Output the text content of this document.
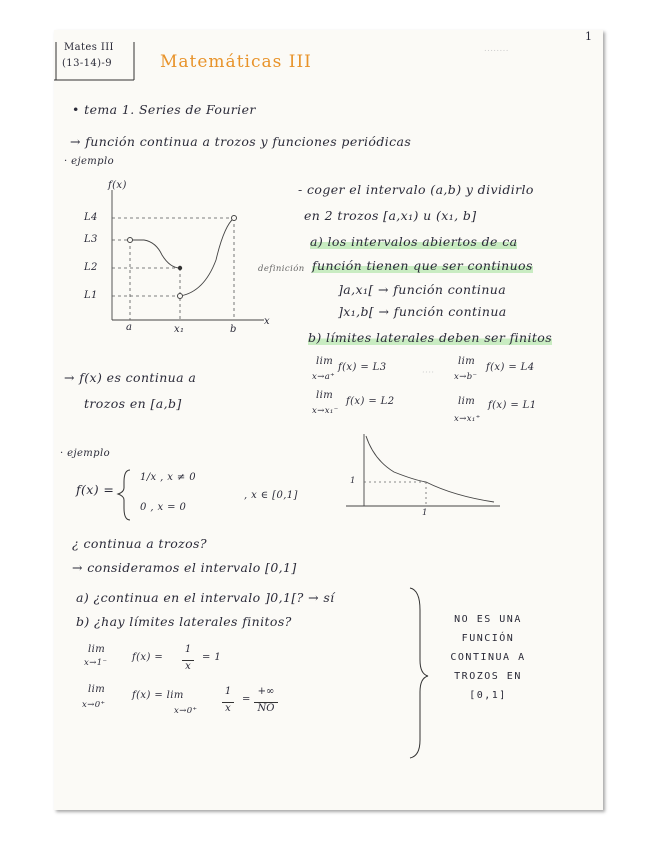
1
........
Mates III
(13-14)-9	Matemáticas III
• tema 1. Series de Fourier
→ función continua a trozos y funciones periódicas
· ejemplo
f(x)
L4
L3
L2
L1
a	x₁	b
x
- coger el intervalo (a,b) y dividirlo
en 2 trozos [a,x₁) u (x₁, b]
a) los intervalos abiertos de ca
definición función tienen que ser continuos
]a,x₁[ → función continua
]x₁,b[ → función continua
b) límites laterales deben ser finitos
lim
x→a⁺
f(x) = L3	····
lim
x→b⁻
f(x) = L4
lim
x→x₁⁻
f(x) = L2	lim
x→x₁⁺
f(x) = L1
→ f(x) es continua a
trozos en [a,b]
· ejemplo
f(x) =
1/x , x ≠ 0
0 , x = 0
, x ∈ [0,1]
1
1
¿ continua a trozos?
→ consideramos el intervalo [0,1]
a) ¿continua en el intervalo ]0,1[? → sí
b) ¿hay límites laterales finitos?
lim
x→1⁻ f(x) =
1
x
= 1
lim
x→0⁺
f(x) = lim
x→0⁺
1
x
=
+∞
NO
NO ES UNA
FUNCIÓN
CONTINUA A
TROZOS EN
[0,1]
